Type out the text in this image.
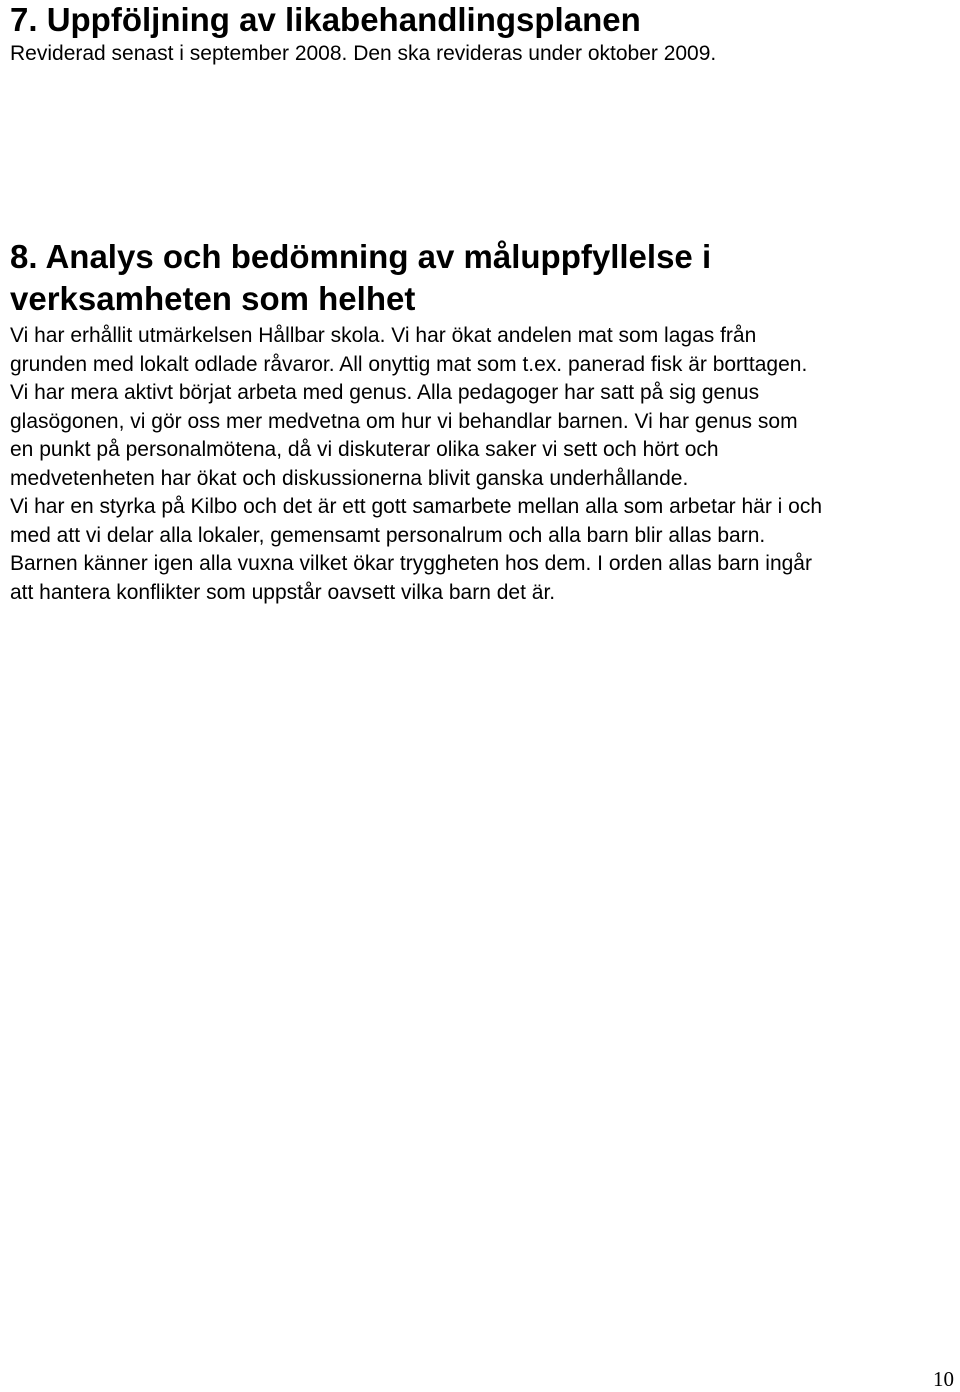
7. Uppföljning av likabehandlingsplanen
Reviderad senast i september 2008. Den ska revideras under oktober 2009.
8. Analys och bedömning av måluppfyllelse i
verksamheten som helhet
Vi har erhållit utmärkelsen Hållbar skola. Vi har ökat andelen mat som lagas från
grunden med lokalt odlade råvaror. All onyttig mat som t.ex. panerad fisk är borttagen.
Vi har mera aktivt börjat arbeta med genus. Alla pedagoger har satt på sig genus
glasögonen, vi gör oss mer medvetna om hur vi behandlar barnen. Vi har genus som
en punkt på personalmötena, då vi diskuterar olika saker vi sett och hört och
medvetenheten har ökat och diskussionerna blivit ganska underhållande.
Vi har en styrka på Kilbo och det är ett gott samarbete mellan alla som arbetar här i och
med att vi delar alla lokaler, gemensamt personalrum och alla barn blir allas barn.
Barnen känner igen alla vuxna vilket ökar tryggheten hos dem. I orden allas barn ingår
att hantera konflikter som uppstår oavsett vilka barn det är.
10
